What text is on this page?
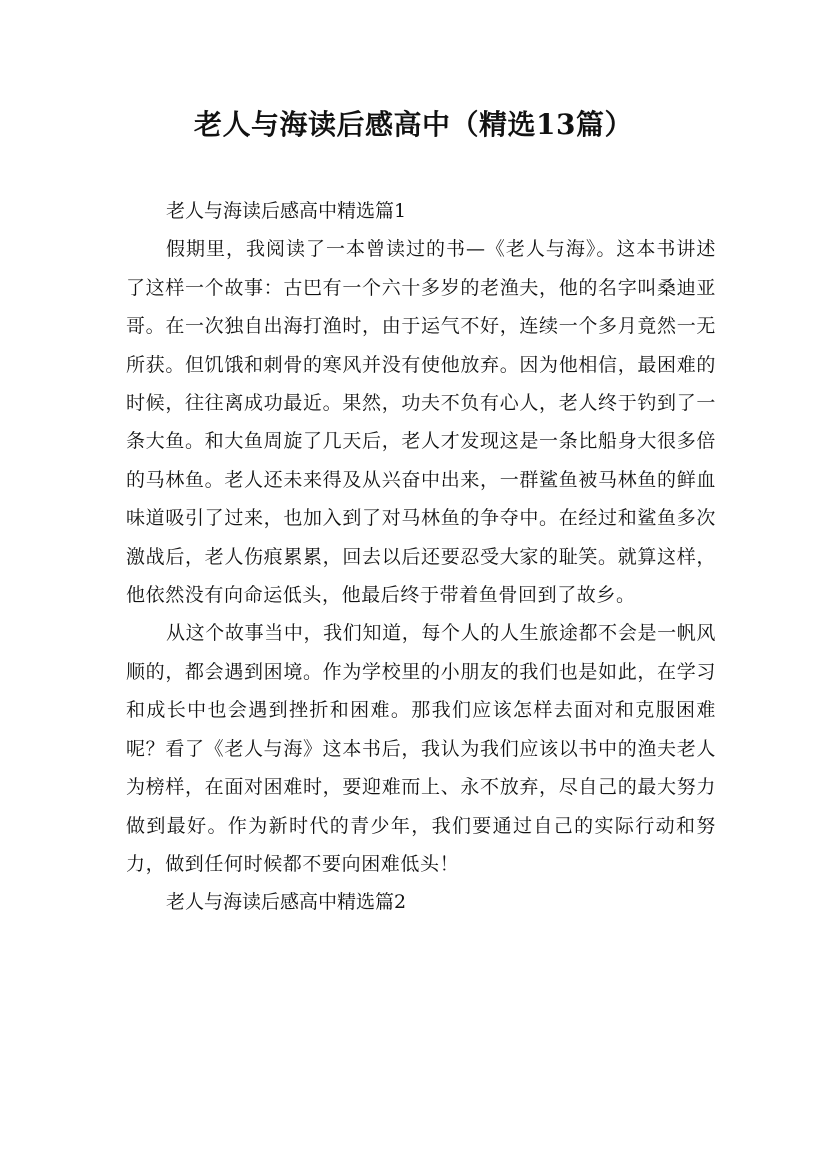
老人与海读后感高中（精选13篇）

老人与海读后感高中精选篇1

假期里，我阅读了一本曾读过的书—《老人与海》。这本书讲述了这样一个故事：古巴有一个六十多岁的老渔夫，他的名字叫桑迪亚哥。在一次独自出海打渔时，由于运气不好，连续一个多月竟然一无所获。但饥饿和刺骨的寒风并没有使他放弃。因为他相信，最困难的时候，往往离成功最近。果然，功夫不负有心人，老人终于钓到了一条大鱼。和大鱼周旋了几天后，老人才发现这是一条比船身大很多倍的马林鱼。老人还未来得及从兴奋中出来，一群鲨鱼被马林鱼的鲜血味道吸引了过来，也加入到了对马林鱼的争夺中。在经过和鲨鱼多次激战后，老人伤痕累累，回去以后还要忍受大家的耻笑。就算这样，他依然没有向命运低头，他最后终于带着鱼骨回到了故乡。

从这个故事当中，我们知道，每个人的人生旅途都不会是一帆风顺的，都会遇到困境。作为学校里的小朋友的我们也是如此，在学习和成长中也会遇到挫折和困难。那我们应该怎样去面对和克服困难呢？看了《老人与海》这本书后，我认为我们应该以书中的渔夫老人为榜样，在面对困难时，要迎难而上、永不放弃，尽自己的最大努力做到最好。作为新时代的青少年，我们要通过自己的实际行动和努力，做到任何时候都不要向困难低头！

老人与海读后感高中精选篇2
